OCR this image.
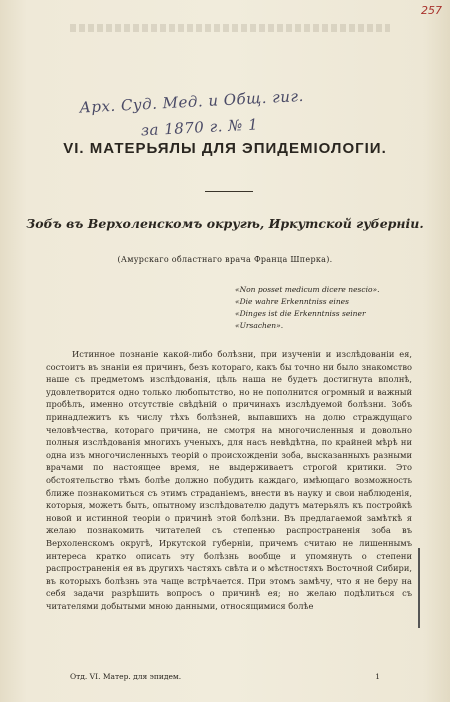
257
Арх. Суд. Мед. и Общ. гиг.
за 1870 г. № 1
VI. МАТЕРЬЯЛЫ ДЛЯ ЭПИДЕМIОЛОГIИ.
Зобъ въ Верхоленскомъ округѣ, Иркутской губернiи.
(Амурскаго областнаго врача Франца Шперка).
«Non posset medicum dicere nescio».
«Die wahre Erkenntniss eines
«Dinges ist die Erkenntniss seiner
«Ursachen».

Истинное познанie какой-либо болѣзни, при изученiи и изслѣдованiи ея, состоитъ въ знанiи ея причинъ, безъ котораго, какъ бы точно ни было знакомство наше съ предметомъ изслѣдованiя, цѣль наша не будетъ достигнута вполнѣ, удовлетворится одно только любопытство, но не пополнится огромный и важный пробѣлъ, именно отсутствiе свѣдѣнiй о причинахъ изслѣдуемой болѣзни. Зобъ принадлежитъ къ числу тѣхъ болѣзней, выпавшихъ на долю страждущаго человѣчества, котораго причина, не смотря на многочисленныя и довольно полныя изслѣдованiя многихъ ученыхъ, для насъ невѣдѣтна, по крайней мѣрѣ ни одна изъ многочисленныхъ теорiй о происхожденiи зоба, высказанныхъ разными врачами по настоящее время, не выдерживаетъ строгой критики. Это обстоятельство тѣмъ болѣе должно побудить каждаго, имѣющаго возможность ближе познакомиться съ этимъ страданiемъ, внести въ науку и свои наблюденiя, которыя, можетъ быть, опытному изслѣдователю дадутъ матерьялъ къ постройкѣ новой и истинной теорiи о причинѣ этой болѣзни. Въ предлагаемой замѣткѣ я желаю познакомить читателей съ степенью распространенiя зоба въ Верхоленскомъ округѣ, Иркутской губернiи, причемъ считаю не лишеннымъ интереса кратко описать эту болѣзнь вообще и упомянуть о степени распространенiя ея въ другихъ частяхъ свѣта и о мѣстностяхъ Восточной Сибири, въ которыхъ болѣзнь эта чаще встрѣчается. При этомъ замѣчу, что я не беру на себя задачи разрѣшить вопросъ о причинѣ ея; но желаю подѣлиться съ читателями добытыми мною данными, относящимися болѣе

Отд. VI. Матер. для эпидем.	1
